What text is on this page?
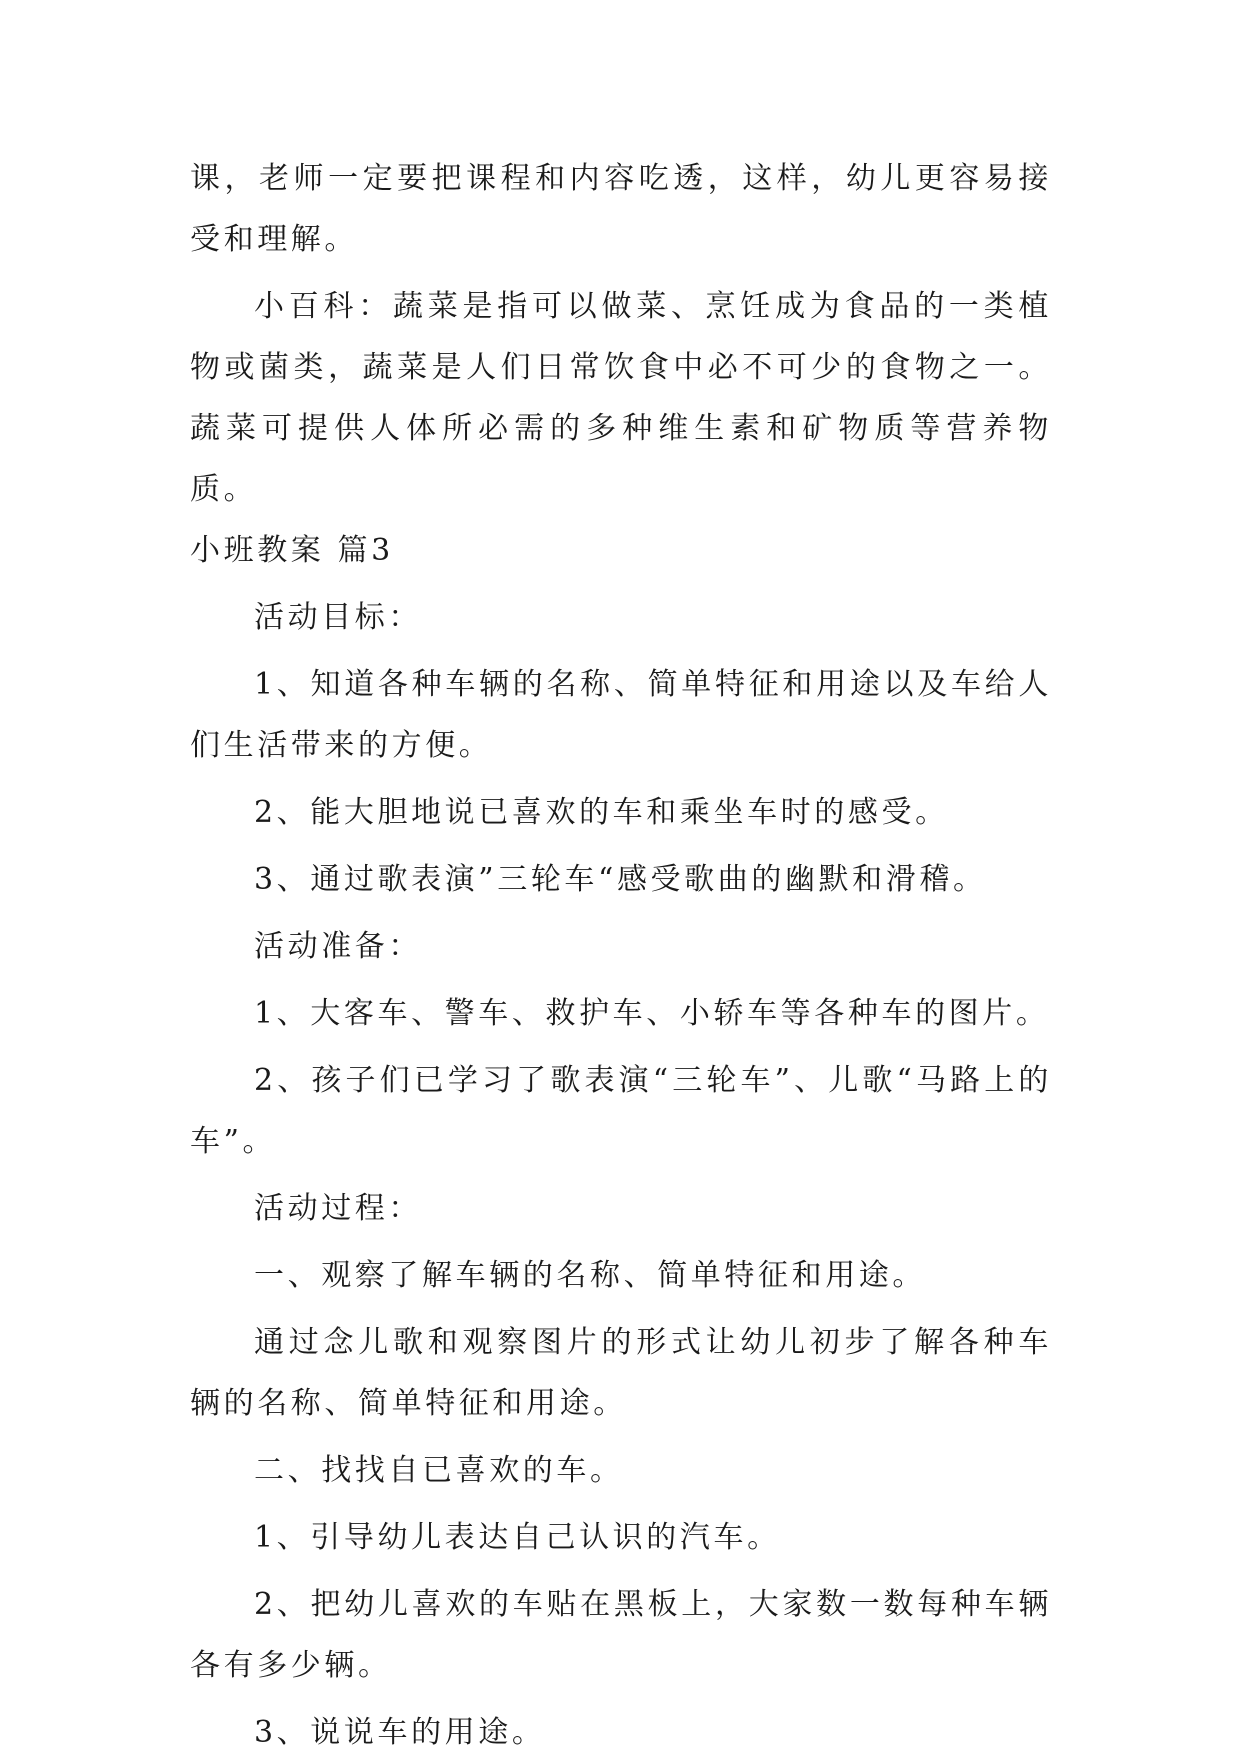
课，老师一定要把课程和内容吃透，这样，幼儿更容易接受和理解。

小百科：蔬菜是指可以做菜、烹饪成为食品的一类植物或菌类，蔬菜是人们日常饮食中必不可少的食物之一。蔬菜可提供人体所必需的多种维生素和矿物质等营养物质。

小班教案 篇3

活动目标：

1、知道各种车辆的名称、简单特征和用途以及车给人们生活带来的方便。

2、能大胆地说已喜欢的车和乘坐车时的感受。

3、通过歌表演”三轮车“感受歌曲的幽默和滑稽。

活动准备：

1、大客车、警车、救护车、小轿车等各种车的图片。

2、孩子们已学习了歌表演“三轮车”、儿歌“马路上的车”。

活动过程：

一、观察了解车辆的名称、简单特征和用途。

通过念儿歌和观察图片的形式让幼儿初步了解各种车辆的名称、简单特征和用途。

二、找找自已喜欢的车。

1、引导幼儿表达自己认识的汽车。

2、把幼儿喜欢的车贴在黑板上，大家数一数每种车辆各有多少辆。

3、说说车的用途。
